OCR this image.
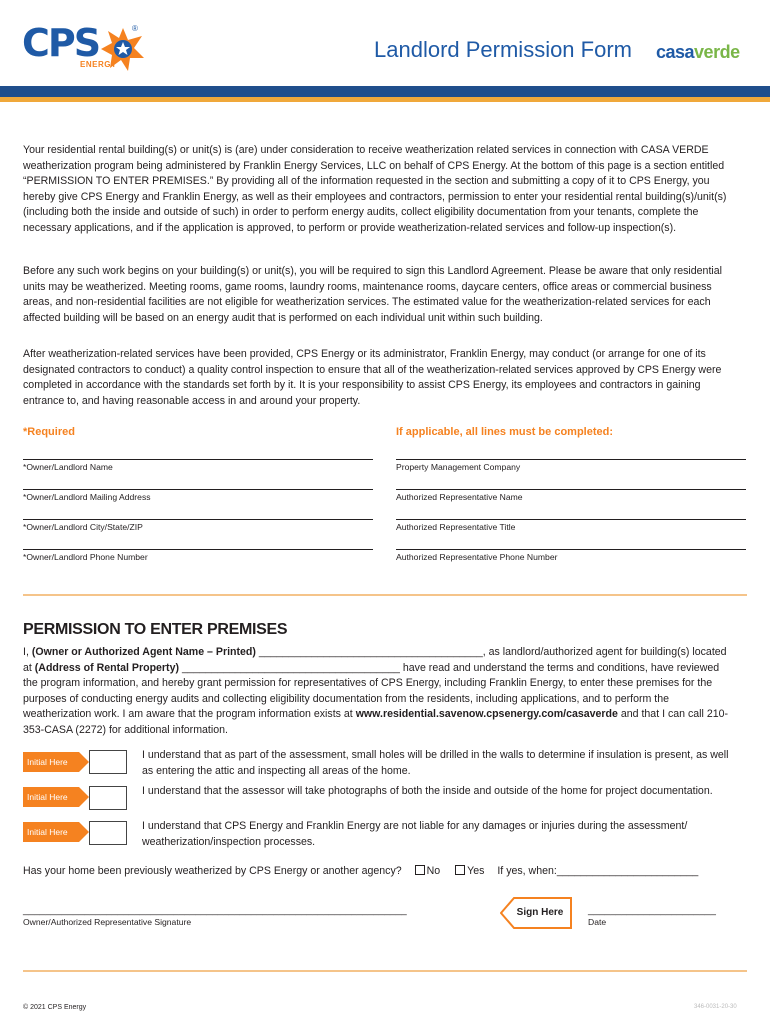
CPS
ENERGY
®
Landlord Permission Form casaverde
Your residential rental building(s) or unit(s) is (are) under consideration to receive weatherization related services in connection with CASA VERDE weatherization program being administered by Franklin Energy Services, LLC on behalf of CPS Energy. At the bottom of this page is a section entitled “PERMISSION TO ENTER PREMISES.” By providing all of the information requested in the section and submitting a copy of it to CPS Energy, you hereby give CPS Energy and Franklin Energy, as well as their employees and contractors, permission to enter your residential rental building(s)/unit(s) (including both the inside and outside of such) in order to perform energy audits, collect eligibility documentation from your tenants, complete the necessary applications, and if the application is approved, to perform or provide weatherization-related services and follow-up inspection(s).
Before any such work begins on your building(s) or unit(s), you will be required to sign this Landlord Agreement. Please be aware that only residential units may be weatherized. Meeting rooms, game rooms, laundry rooms, maintenance rooms, daycare centers, office areas or commercial business areas, and non-residential facilities are not eligible for weatherization services. The estimated value for the weatherization-related services for each affected building will be based on an energy audit that is performed on each individual unit within such building.
After weatherization-related services have been provided, CPS Energy or its administrator, Franklin Energy, may conduct (or arrange for one of its designated contractors to conduct) a quality control inspection to ensure that all of the weatherization-related services approved by CPS Energy were completed in accordance with the standards set forth by it. It is your responsibility to assist CPS Energy, its employees and contractors in gaining entrance to, and having reasonable access in and around your property.
*Required	If applicable, all lines must be completed:
*Owner/Landlord Name
*Owner/Landlord Mailing Address
*Owner/Landlord City/State/ZIP
*Owner/Landlord Phone Number
Property Management Company
Authorized Representative Name
Authorized Representative Title
Authorized Representative Phone Number
PERMISSION TO ENTER PREMISES
I, (Owner or Authorized Agent Name – Printed) ______________________________________, as landlord/authorized agent for building(s) located at (Address of Rental Property) _____________________________________ have read and understand the terms and conditions, have reviewed the program information, and hereby grant permission for representatives of CPS Energy, including Franklin Energy, to enter these premises for the purposes of conducting energy audits and collecting eligibility documentation from the residents, including applications, and to perform the weatherization work. I am aware that the program information exists at www.residential.savenow.cpsenergy.com/casaverde and that I can call 210-353-CASA (2272) for additional information.
Initial Here
I understand that as part of the assessment, small holes will be drilled in the walls to determine if insulation is present, as well as entering the attic and inspecting all areas of the home.
Initial Here	I understand that the assessor will take photographs of both the inside and outside of the home for project documentation.
Initial Here	I understand that CPS Energy and Franklin Energy are not liable for any damages or injuries during the assessment/ weatherization/inspection processes.
Has your home been previously weatherized by CPS Energy or another agency? No	Yes If yes, when:________________________
_____________________________________________________________________
Owner/Authorized Representative Signature
Sign Here	_______________________
Date
© 2021 CPS Energy	346-0031-20-30
